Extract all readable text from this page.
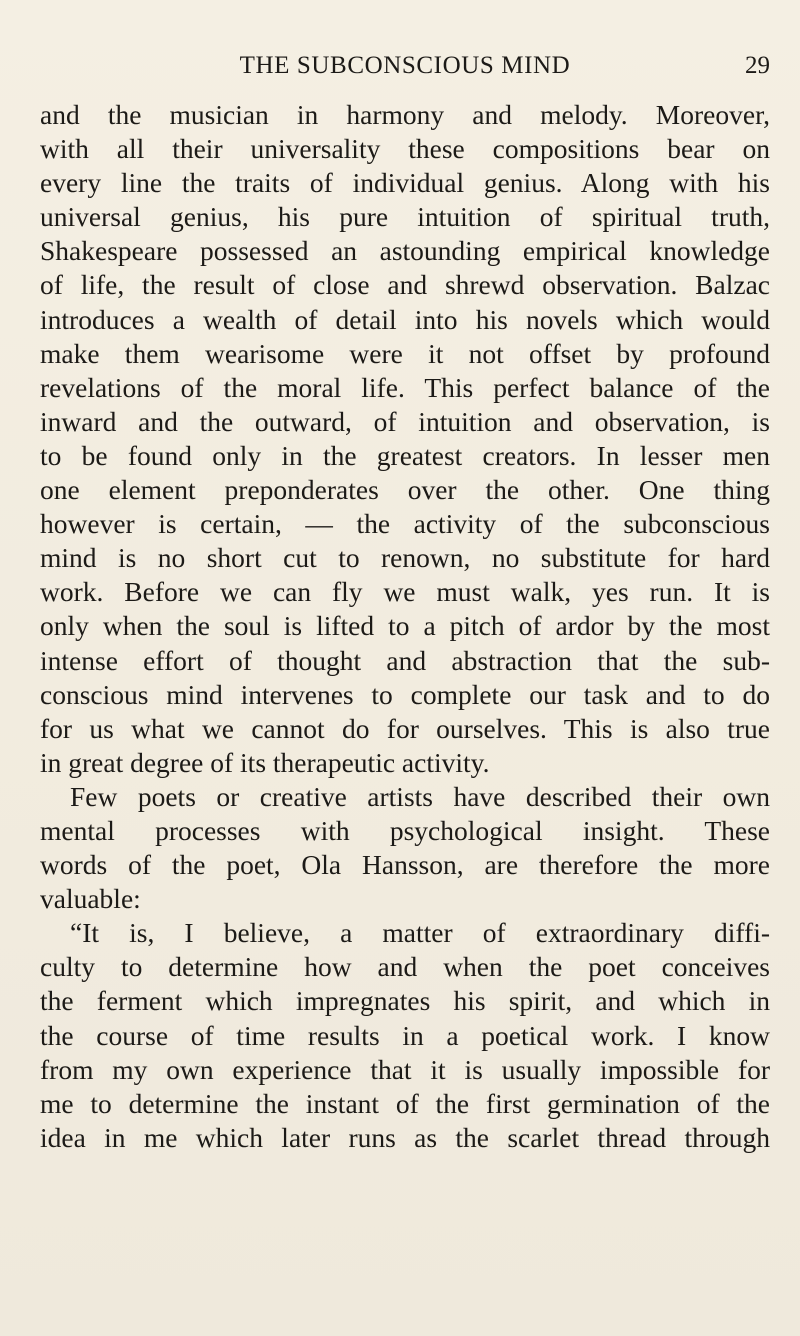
THE SUBCONSCIOUS MIND	29
and the musician in harmony and melody. Moreover,
with all their universality these compositions bear on
every line the traits of individual genius. Along with his
universal genius, his pure intuition of spiritual truth,
Shakespeare possessed an astounding empirical knowledge
of life, the result of close and shrewd observation. Balzac
introduces a wealth of detail into his novels which would
make them wearisome were it not offset by profound
revelations of the moral life. This perfect balance of the
inward and the outward, of intuition and observation, is
to be found only in the greatest creators. In lesser men
one element preponderates over the other. One thing
however is certain, — the activity of the subconscious
mind is no short cut to renown, no substitute for hard
work. Before we can fly we must walk, yes run. It is
only when the soul is lifted to a pitch of ardor by the most
intense effort of thought and abstraction that the sub-
conscious mind intervenes to complete our task and to do
for us what we cannot do for ourselves. This is also true
in great degree of its therapeutic activity.
Few poets or creative artists have described their own
mental processes with psychological insight. These
words of the poet, Ola Hansson, are therefore the more
valuable:
“It is, I believe, a matter of extraordinary diffi-
culty to determine how and when the poet conceives
the ferment which impregnates his spirit, and which in
the course of time results in a poetical work. I know
from my own experience that it is usually impossible for
me to determine the instant of the first germination of the
idea in me which later runs as the scarlet thread through
